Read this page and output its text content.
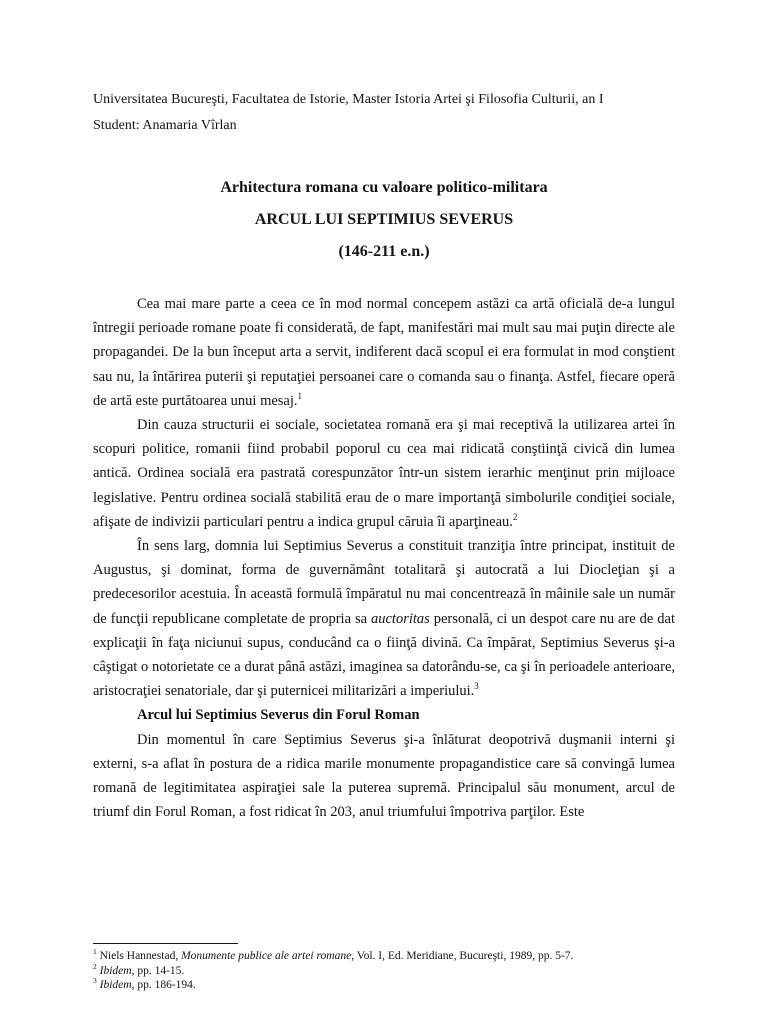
Universitatea Bucureşti, Facultatea de Istorie, Master Istoria Artei şi Filosofia Culturii, an I
Student: Anamaria Vîrlan
Arhitectura romana cu valoare politico-militara
ARCUL LUI SEPTIMIUS SEVERUS
(146-211 e.n.)

Cea mai mare parte a ceea ce în mod normal concepem astăzi ca artă oficială de-a lungul întregii perioade romane poate fi considerată, de fapt, manifestări mai mult sau mai puţin directe ale propagandei. De la bun început arta a servit, indiferent dacă scopul ei era formulat in mod conştient sau nu, la întărirea puterii şi reputaţiei persoanei care o comanda sau o finanţa. Astfel, fiecare operă de artă este purtătoarea unui mesaj.$^1$

Din cauza structurii ei sociale, societatea romană era şi mai receptivă la utilizarea artei în scopuri politice, romanii fiind probabil poporul cu cea mai ridicată conştiinţă civică din lumea antică. Ordinea socială era pastrată corespunzător într-un sistem ierarhic menţinut prin mijloace legislative. Pentru ordinea socială stabilită erau de o mare importanţă simbolurile condiţiei sociale, afişate de indivizii particulari pentru a indica grupul căruia îi aparţineau.$^2$

În sens larg, domnia lui Septimius Severus a constituit tranziţia între principat, instituit de Augustus, şi dominat, forma de guvernământ totalitară şi autocrată a lui Diocleţian şi a predecesorilor acestuia. În această formulă împăratul nu mai concentrează în mâinile sale un număr de funcţii republicane completate de propria sa auctoritas personală, ci un despot care nu are de dat explicaţii în faţa niciunui supus, conducând ca o fiinţă divină. Ca împărat, Septimius Severus şi-a câştigat o notorietate ce a durat până astăzi, imaginea sa datorându-se, ca şi în perioadele anterioare, aristocraţiei senatoriale, dar şi puternicei militarizări a imperiului.$^3$

Arcul lui Septimius Severus din Forul Roman

Din momentul în care Septimius Severus şi-a înlăturat deopotrivă duşmanii interni şi externi, s-a aflat în postura de a ridica marile monumente propagandistice care să convingă lumea romană de legitimitatea aspiraţiei sale la puterea supremă. Principalul său monument, arcul de triumf din Forul Roman, a fost ridicat în 203, anul triumfului împotriva parţilor. Este

$^1$ Niels Hannestad, Monumente publice ale artei romane, Vol. I, Ed. Meridiane, Bucureşti, 1989, pp. 5-7.
$^2$ Ibidem, pp. 14-15.
$^3$ Ibidem, pp. 186-194.
